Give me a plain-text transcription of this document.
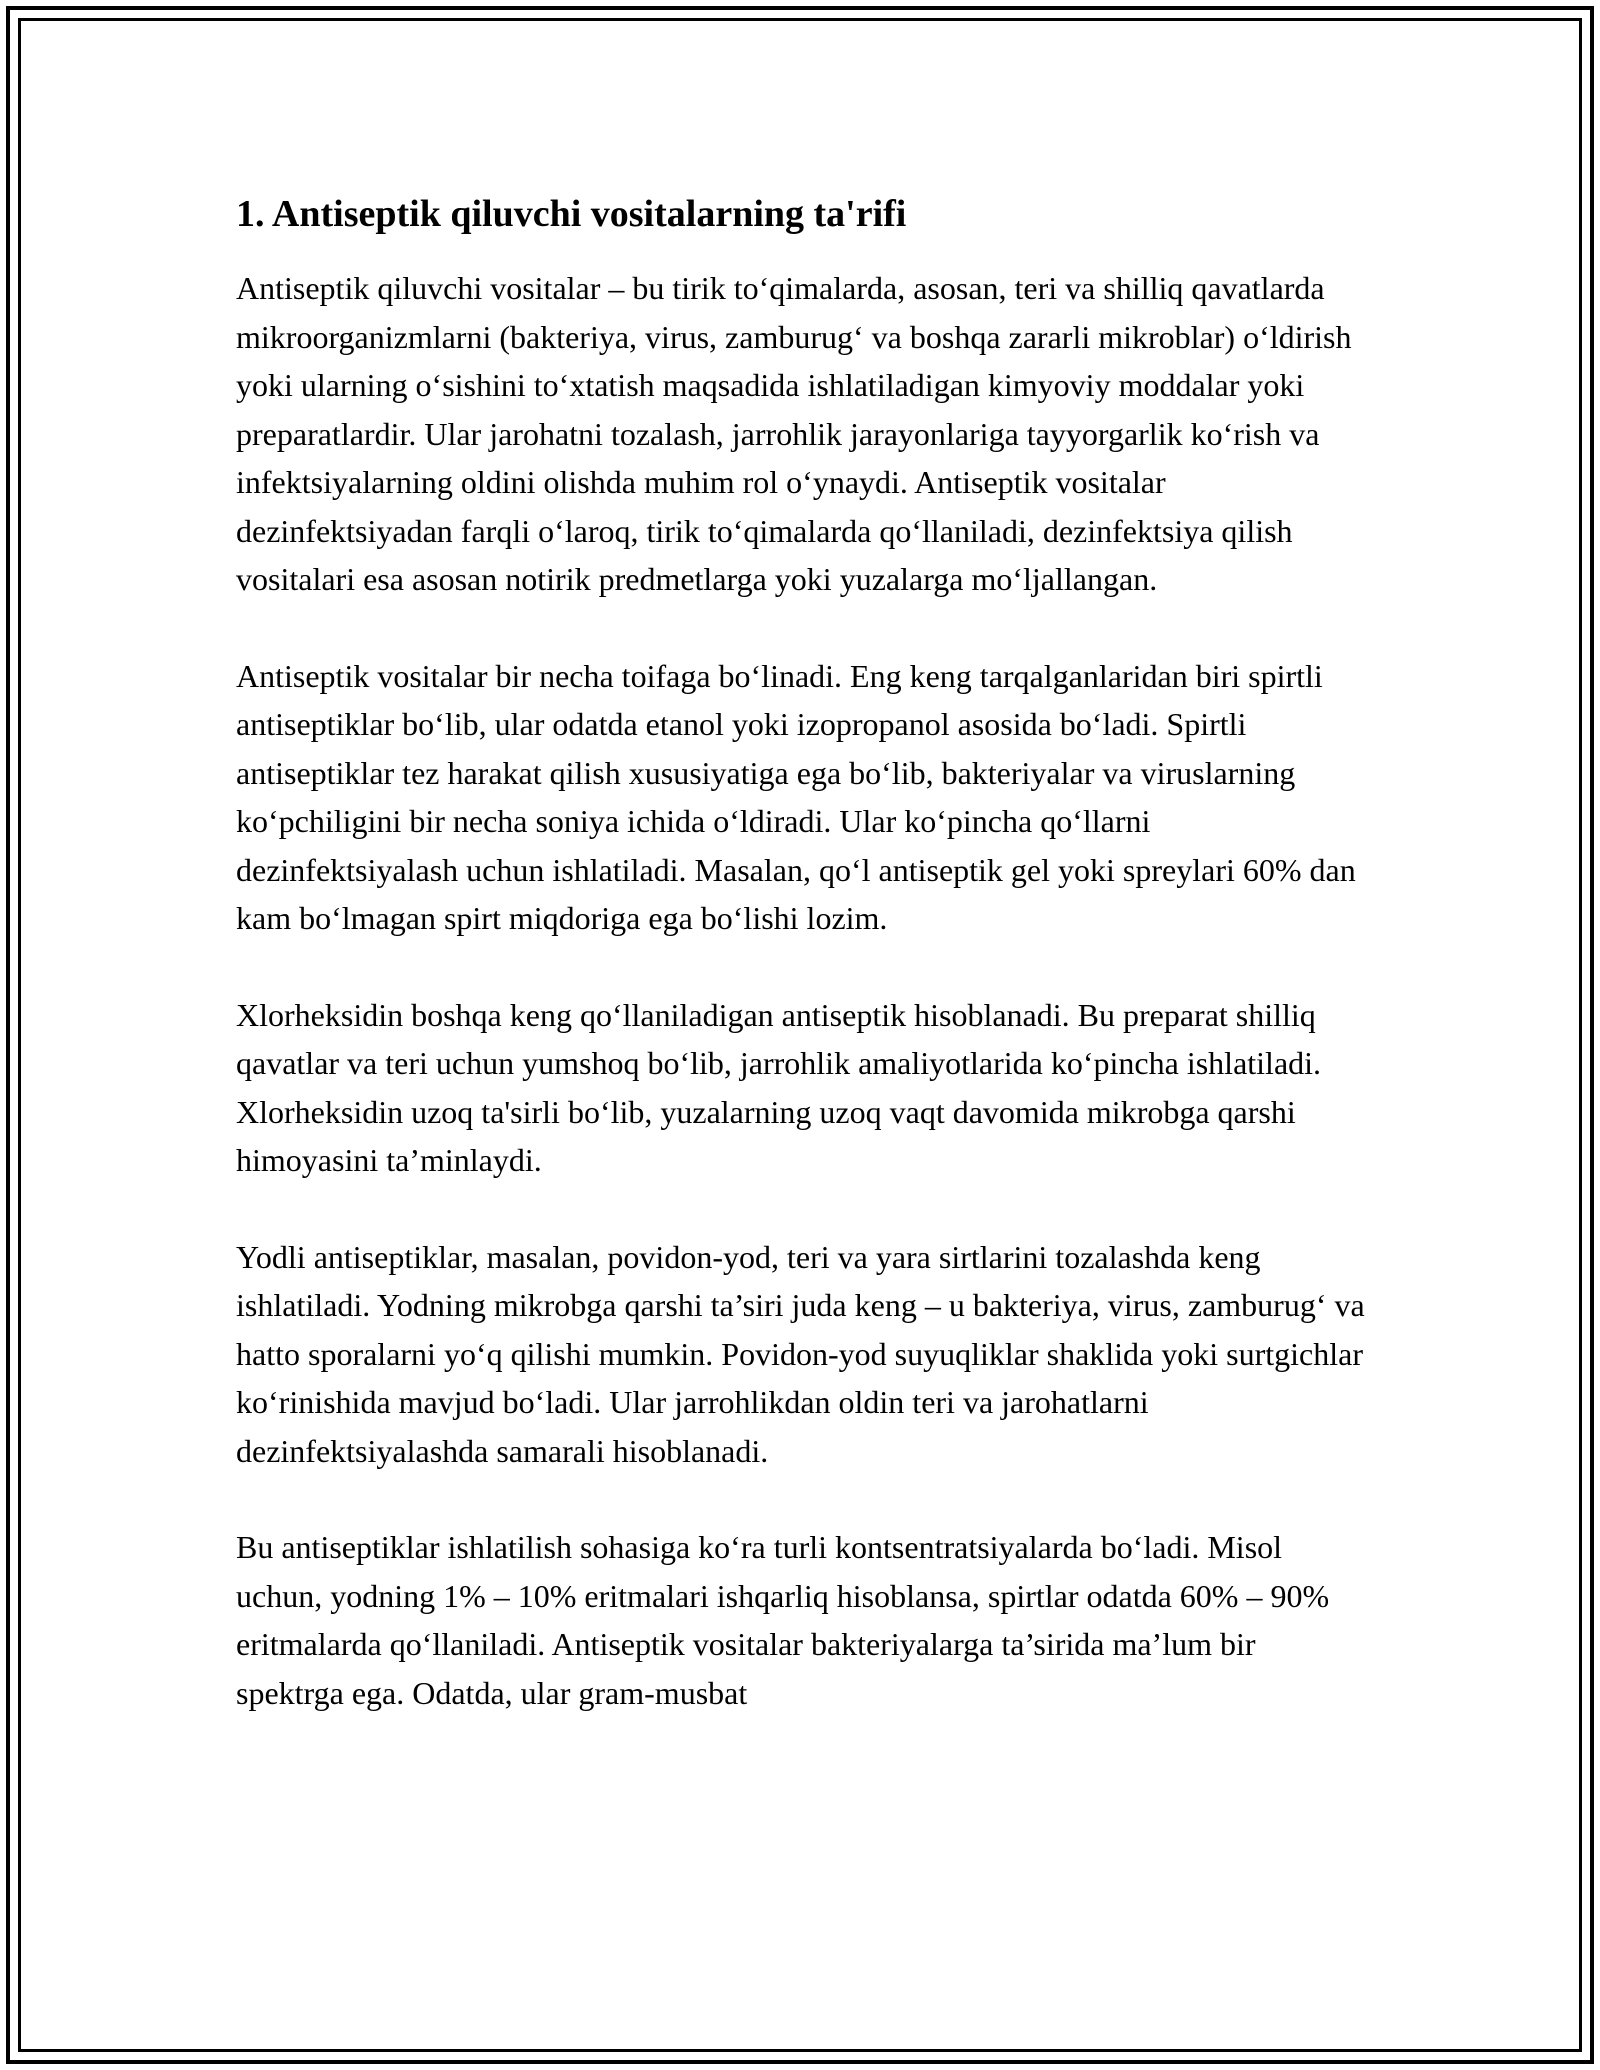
1. Antiseptik qiluvchi vositalarning ta'rifi

Antiseptik qiluvchi vositalar – bu tirik toʻqimalarda, asosan, teri va shilliq qavatlarda mikroorganizmlarni (bakteriya, virus, zamburugʻ va boshqa zararli mikroblar) oʻldirish yoki ularning oʻsishini toʻxtatish maqsadida ishlatiladigan kimyoviy moddalar yoki preparatlardir. Ular jarohatni tozalash, jarrohlik jarayonlariga tayyorgarlik koʻrish va infektsiyalarning oldini olishda muhim rol oʻynaydi. Antiseptik vositalar dezinfektsiyadan farqli oʻlaroq, tirik toʻqimalarda qoʻllaniladi, dezinfektsiya qilish vositalari esa asosan notirik predmetlarga yoki yuzalarga moʻljallangan.

Antiseptik vositalar bir necha toifaga boʻlinadi. Eng keng tarqalganlaridan biri spirtli antiseptiklar boʻlib, ular odatda etanol yoki izopropanol asosida boʻladi. Spirtli antiseptiklar tez harakat qilish xususiyatiga ega boʻlib, bakteriyalar va viruslarning koʻpchiligini bir necha soniya ichida oʻldiradi. Ular koʻpincha qoʻllarni dezinfektsiyalash uchun ishlatiladi. Masalan, qoʻl antiseptik gel yoki spreylari 60% dan kam boʻlmagan spirt miqdoriga ega boʻlishi lozim.

Xlorheksidin boshqa keng qoʻllaniladigan antiseptik hisoblanadi. Bu preparat shilliq qavatlar va teri uchun yumshoq boʻlib, jarrohlik amaliyotlarida koʻpincha ishlatiladi. Xlorheksidin uzoq ta'sirli boʻlib, yuzalarning uzoq vaqt davomida mikrobga qarshi himoyasini ta’minlaydi.

Yodli antiseptiklar, masalan, povidon-yod, teri va yara sirtlarini tozalashda keng ishlatiladi. Yodning mikrobga qarshi ta’siri juda keng – u bakteriya, virus, zamburugʻ va hatto sporalarni yoʻq qilishi mumkin. Povidon-yod suyuqliklar shaklida yoki surtgichlar koʻrinishida mavjud boʻladi. Ular jarrohlikdan oldin teri va jarohatlarni dezinfektsiyalashda samarali hisoblanadi.

Bu antiseptiklar ishlatilish sohasiga koʻra turli kontsentratsiyalarda boʻladi. Misol uchun, yodning 1% – 10% eritmalari ishqarliq hisoblansa, spirtlar odatda 60% – 90% eritmalarda qoʻllaniladi. Antiseptik vositalar bakteriyalarga ta’sirida ma’lum bir spektrga ega. Odatda, ular gram-musbat
